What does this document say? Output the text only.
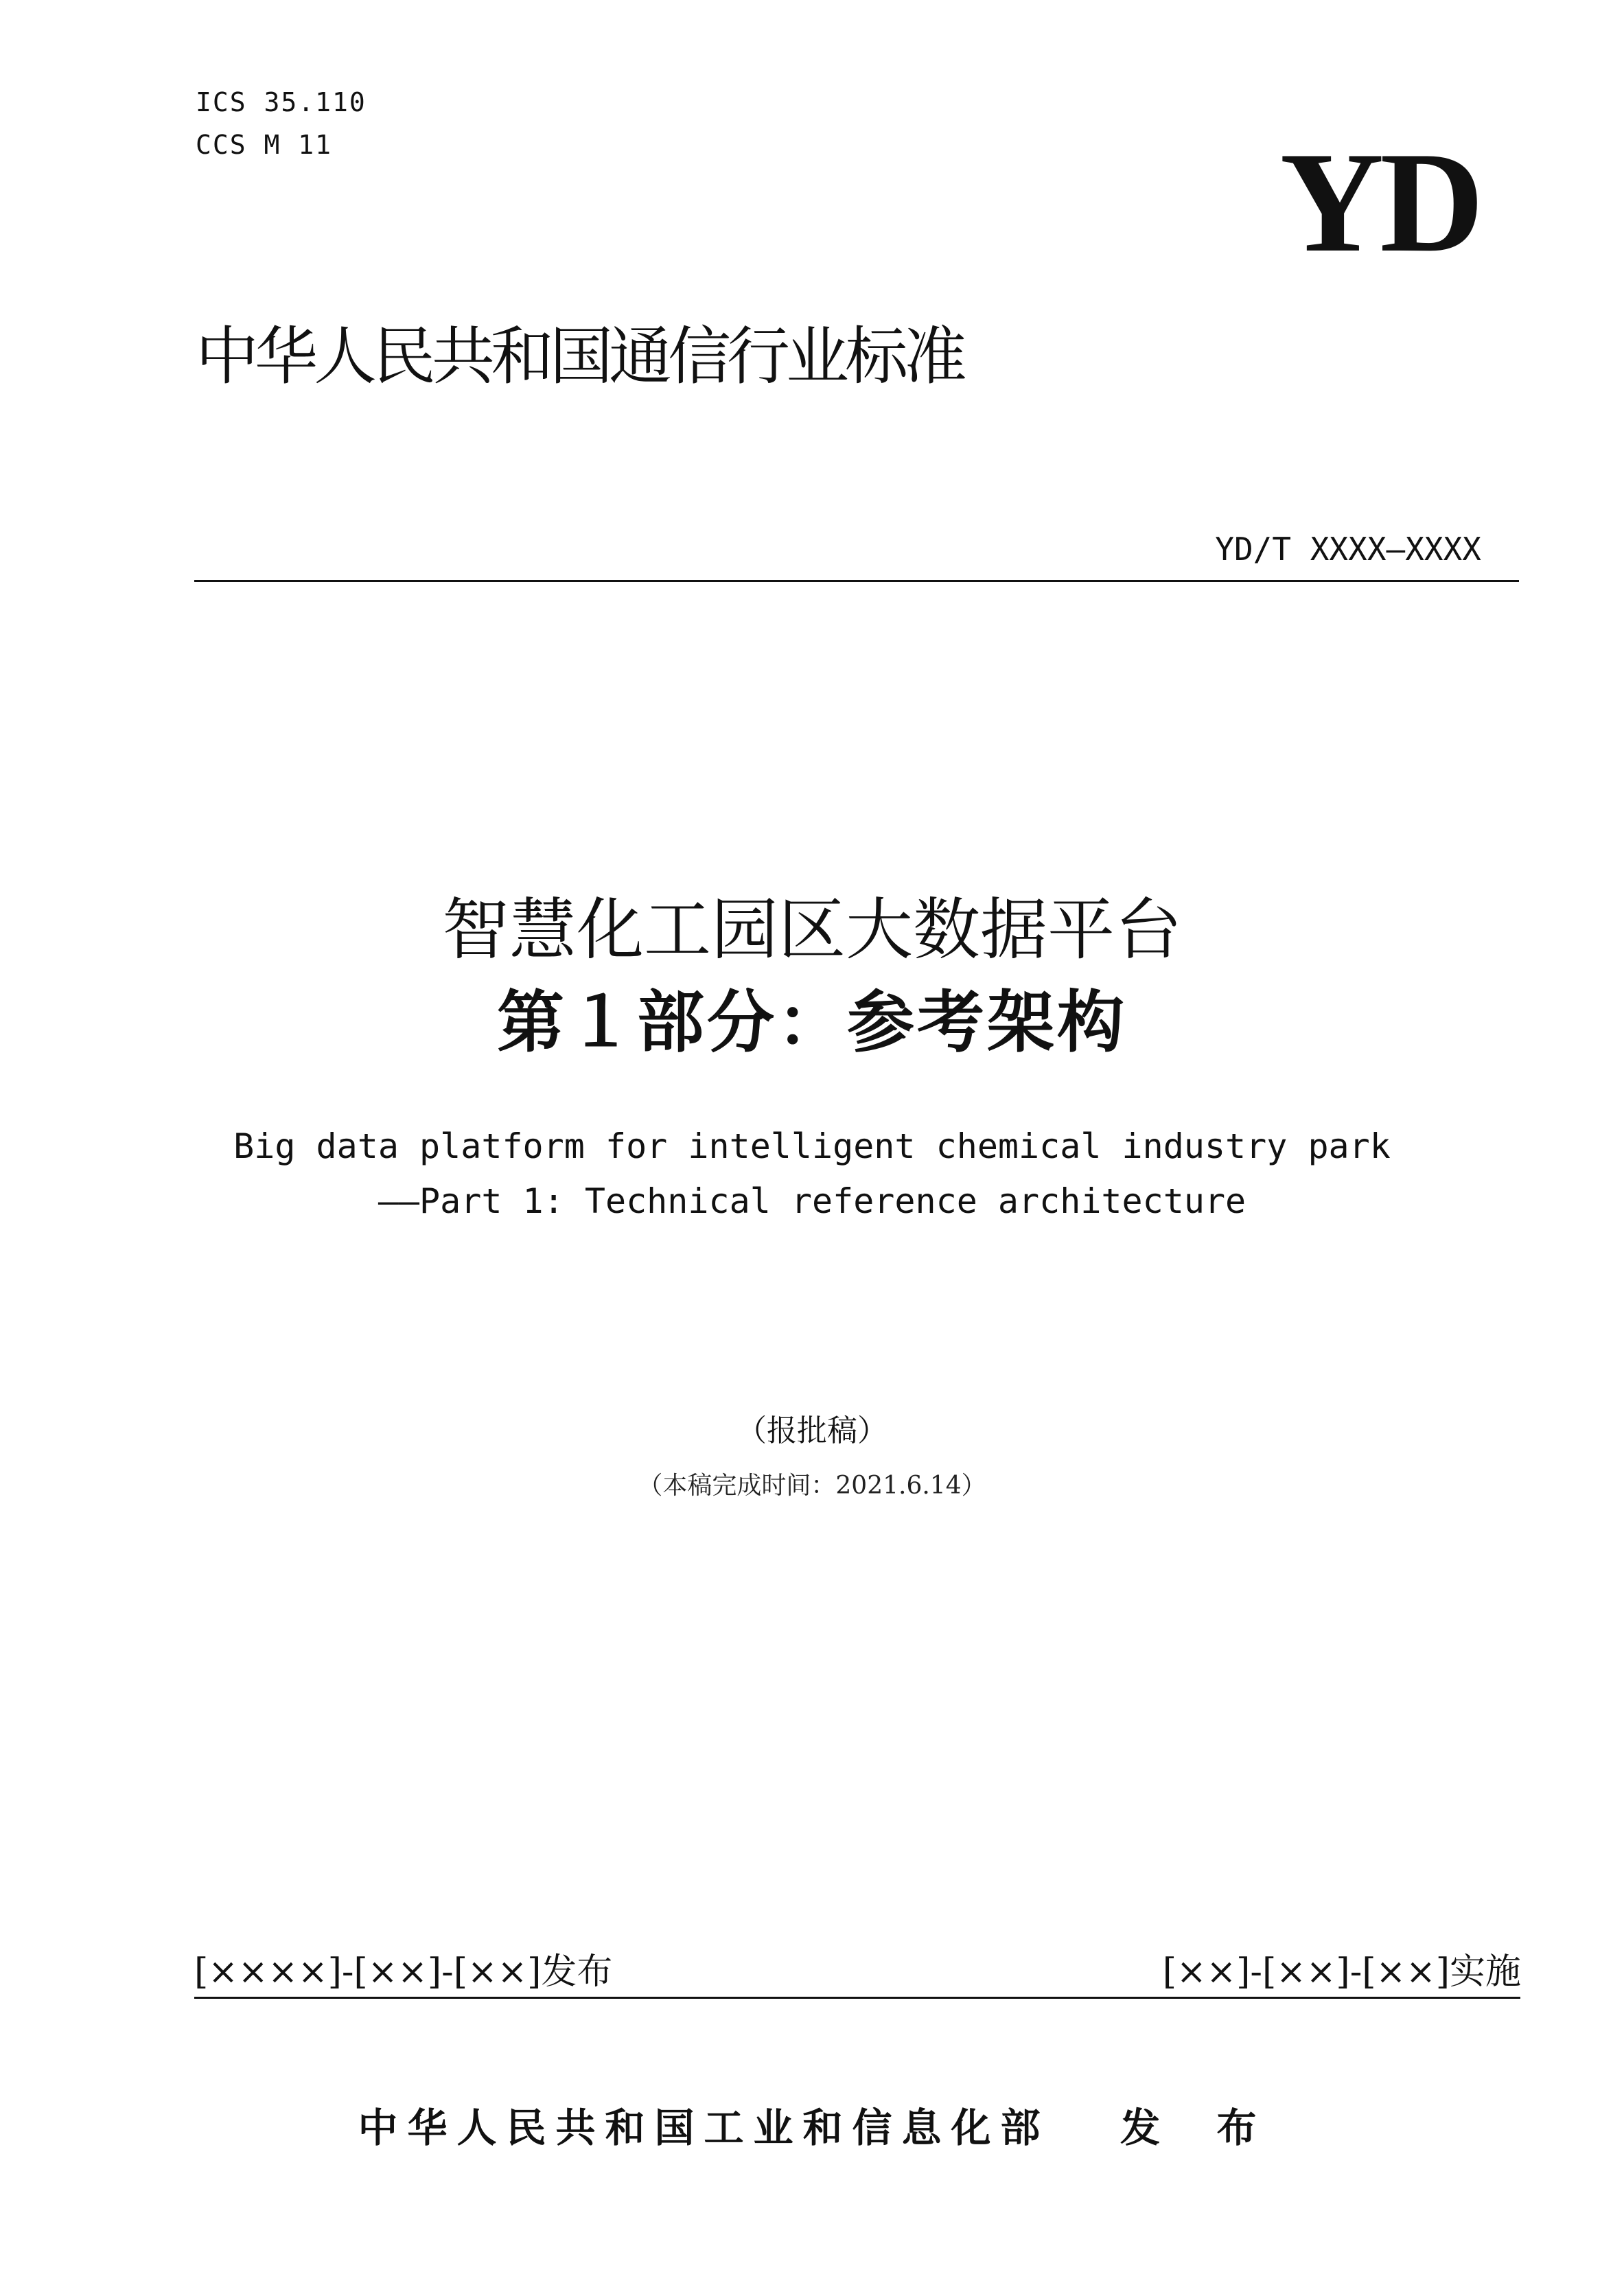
ICS 35.110
CCS M 11	YD
中华人民共和国通信行业标准
YD/T XXXX—XXXX
智慧化工园区大数据平台
第１部分：参考架构
Big data platform for intelligent chemical industry park
——Part 1: Technical reference architecture
（报批稿）
（本稿完成时间：2021.6.14）
[××××]-[××]-[××]发布	[××]-[××]-[××]实施
中华人民共和国工业和信息化部   发  布
